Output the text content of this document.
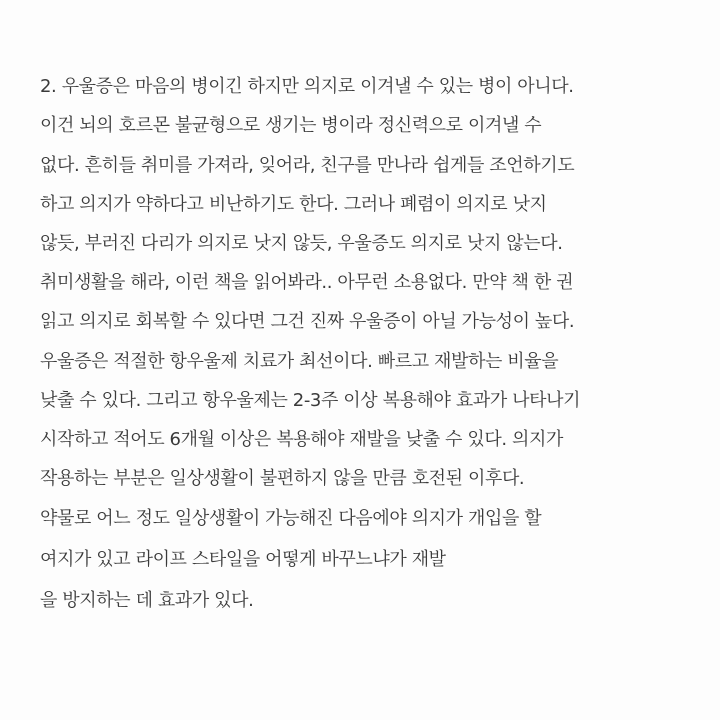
2. 우울증은 마음의 병이긴 하지만 의지로 이겨낼 수 있는 병이 아니다.
이건 뇌의 호르몬 불균형으로 생기는 병이라 정신력으로 이겨낼 수
없다. 흔히들 취미를 가져라, 잊어라, 친구를 만나라 쉽게들 조언하기도
하고 의지가 약하다고 비난하기도 한다. 그러나 폐렴이 의지로 낫지
않듯, 부러진 다리가 의지로 낫지 않듯, 우울증도 의지로 낫지 않는다.
취미생활을 해라, 이런 책을 읽어봐라.. 아무런 소용없다. 만약 책 한 권
읽고 의지로 회복할 수 있다면 그건 진짜 우울증이 아닐 가능성이 높다.
우울증은 적절한 항우울제 치료가 최선이다. 빠르고 재발하는 비율을
낮출 수 있다. 그리고 항우울제는 2-3주 이상 복용해야 효과가 나타나기
시작하고 적어도 6개월 이상은 복용해야 재발을 낮출 수 있다. 의지가
작용하는 부분은 일상생활이 불편하지 않을 만큼 호전된 이후다.
약물로 어느 정도 일상생활이 가능해진 다음에야 의지가 개입을 할
여지가 있고 라이프 스타일을 어떻게 바꾸느냐가 재발
을 방지하는 데 효과가 있다.
